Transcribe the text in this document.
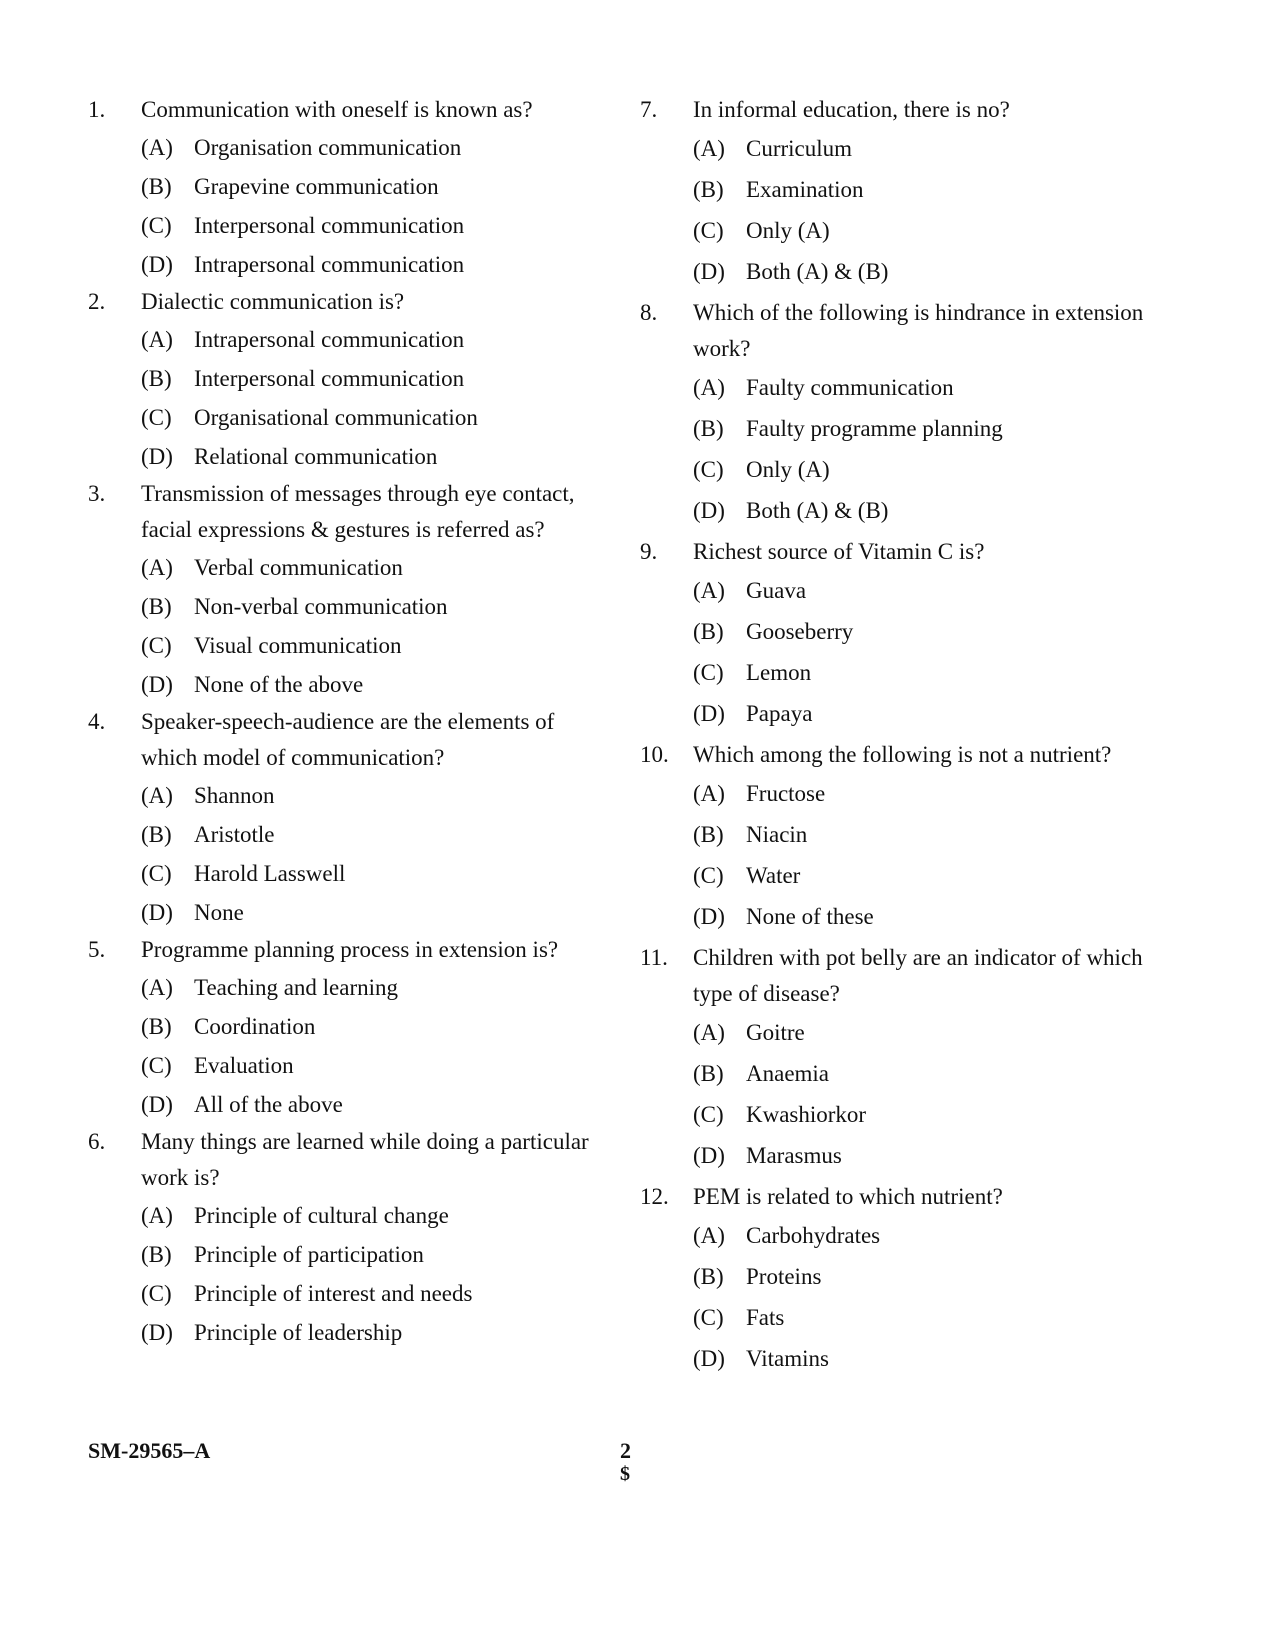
1.	Communication with oneself is known as?
(A) Organisation communication
(B) Grapevine communication
(C) Interpersonal communication
(D) Intrapersonal communication
2.	Dialectic communication is?
(A) Intrapersonal communication
(B) Interpersonal communication
(C) Organisational communication
(D) Relational communication
3.	Transmission of messages through eye contact, facial expressions & gestures is referred as?
(A) Verbal communication
(B) Non-verbal communication
(C) Visual communication
(D) None of the above
4.	Speaker-speech-audience are the elements of which model of communication?
(A) Shannon
(B) Aristotle
(C) Harold Lasswell
(D) None
5.	Programme planning process in extension is?
(A) Teaching and learning
(B) Coordination
(C) Evaluation
(D) All of the above
6.	Many things are learned while doing a particular work is?
(A) Principle of cultural change
(B) Principle of participation
(C) Principle of interest and needs
(D) Principle of leadership
7.	In informal education, there is no?
(A) Curriculum
(B) Examination
(C) Only (A)
(D) Both (A) & (B)
8.	Which of the following is hindrance in extension work?
(A) Faulty communication
(B) Faulty programme planning
(C) Only (A)
(D) Both (A) & (B)
9.	Richest source of Vitamin C is?
(A) Guava
(B) Gooseberry
(C) Lemon
(D) Papaya
10.	Which among the following is not a nutrient?
(A) Fructose
(B) Niacin
(C) Water
(D) None of these
11.	Children with pot belly are an indicator of which type of disease?
(A) Goitre
(B) Anaemia
(C) Kwashiorkor
(D) Marasmus
12.	PEM is related to which nutrient?
(A) Carbohydrates
(B) Proteins
(C) Fats
(D) Vitamins
SM-29565–A	2
$
